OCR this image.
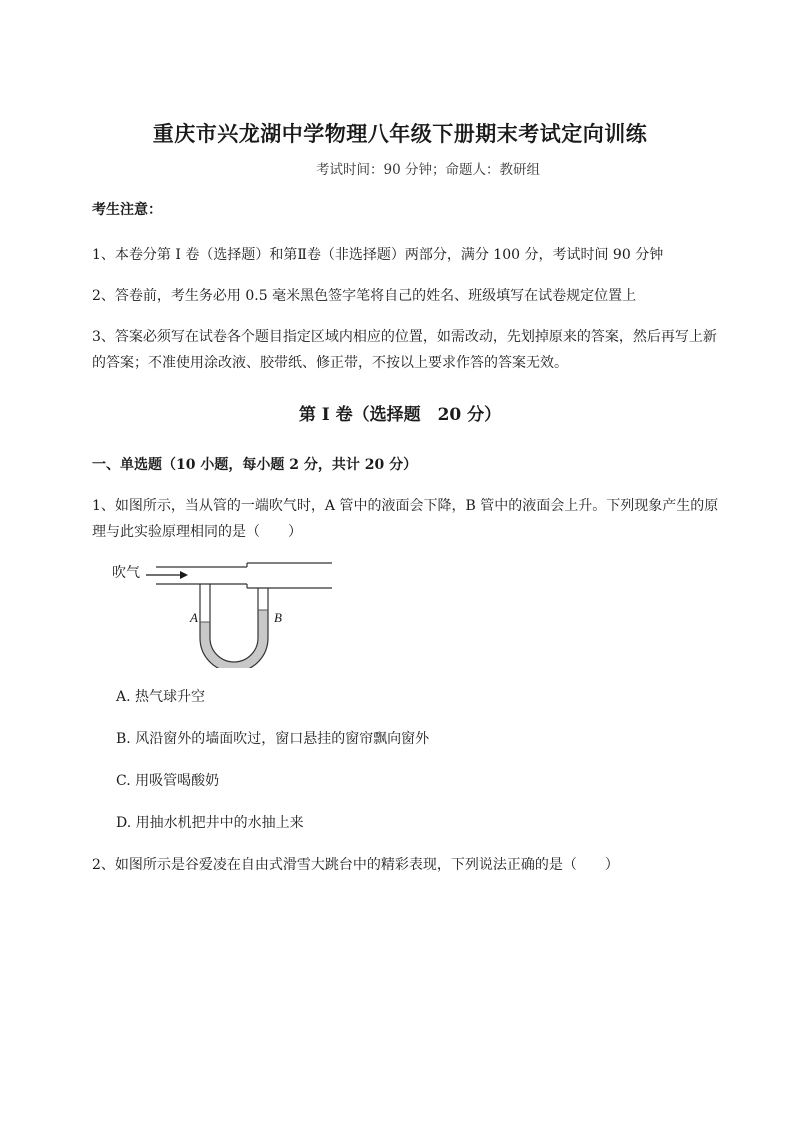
重庆市兴龙湖中学物理八年级下册期末考试定向训练
考试时间：90 分钟；命题人：教研组
考生注意：
1、本卷分第 I 卷（选择题）和第Ⅱ卷（非选择题）两部分，满分 100 分，考试时间 90 分钟
2、答卷前，考生务必用 0.5 毫米黑色签字笔将自己的姓名、班级填写在试卷规定位置上
3、答案必须写在试卷各个题目指定区域内相应的位置，如需改动，先划掉原来的答案，然后再写上新
的答案；不准使用涂改液、胶带纸、修正带，不按以上要求作答的答案无效。
第 I 卷（选择题　20 分）
一、单选题（10 小题，每小题 2 分，共计 20 分）
1、如图所示，当从管的一端吹气时，A 管中的液面会下降，B 管中的液面会上升。下列现象产生的原
理与此实验原理相同的是（　　）
吹气
A	B
A. 热气球升空
B. 风沿窗外的墙面吹过，窗口悬挂的窗帘飘向窗外
C. 用吸管喝酸奶
D. 用抽水机把井中的水抽上来
2、如图所示是谷爱凌在自由式滑雪大跳台中的精彩表现，下列说法正确的是（　　）
